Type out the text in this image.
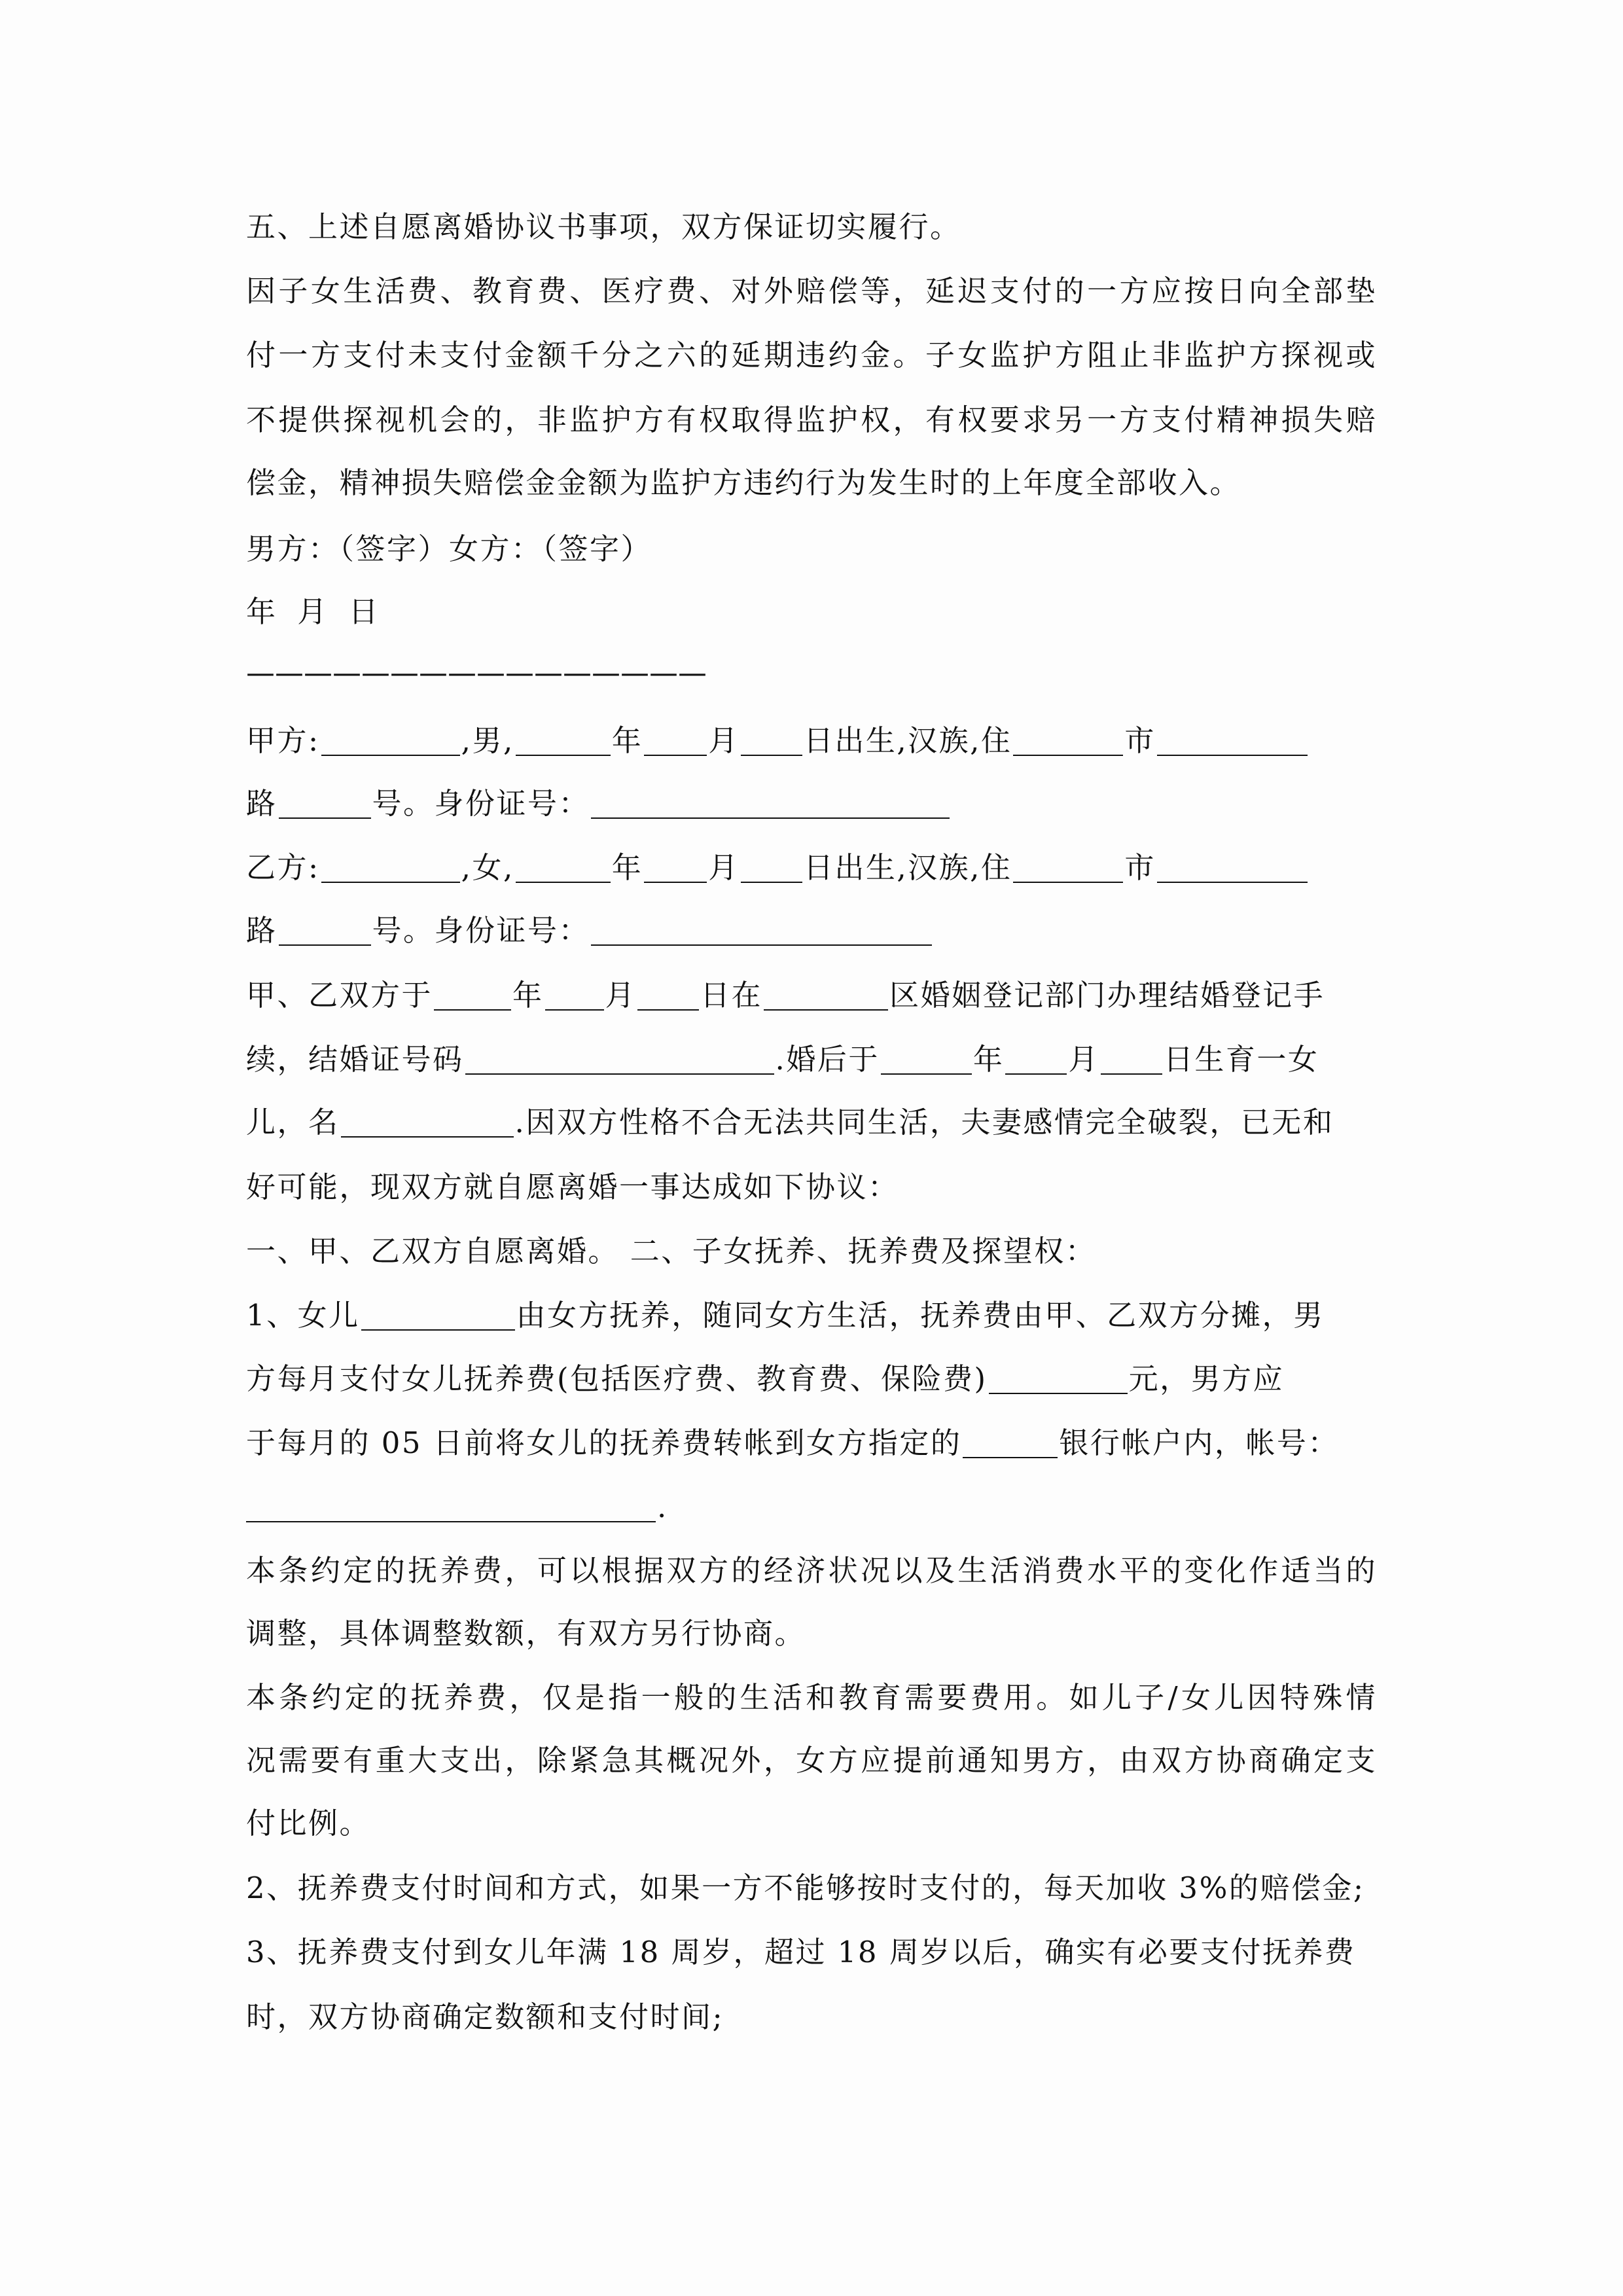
五、上述自愿离婚协议书事项，双方保证切实履行。
因子女生活费、教育费、医疗费、对外赔偿等，延迟支付的一方应按日向全部垫
付一方支付未支付金额千分之六的延期违约金。子女监护方阻止非监护方探视或
不提供探视机会的，非监护方有权取得监护权，有权要求另一方支付精神损失赔
偿金，精神损失赔偿金金额为监护方违约行为发生时的上年度全部收入。
男方：（签字）女方：（签字）
年 月 日
————————————————
甲方:	,男,	年 月 日出生,汉族,住	市
路	号。身份证号：
乙方:	,女,	年 月 日出生,汉族,住	市
路	号。身份证号：
甲、乙双方于	年 月 日在	区婚姻登记部门办理结婚登记手
续，结婚证号码	.婚后于	年 月 日生育一女
儿，名	.因双方性格不合无法共同生活，夫妻感情完全破裂，已无和
好可能，现双方就自愿离婚一事达成如下协议：
一、甲、乙双方自愿离婚。 二、子女抚养、抚养费及探望权：
1、女儿	由女方抚养，随同女方生活，抚养费由甲、乙双方分摊，男
方每月支付女儿抚养费(包括医疗费、教育费、保险费)	元，男方应
于每月的 05 日前将女儿的抚养费转帐到女方指定的	银行帐户内，帐号：
.
本条约定的抚养费，可以根据双方的经济状况以及生活消费水平的变化作适当的
调整，具体调整数额，有双方另行协商。
本条约定的抚养费，仅是指一般的生活和教育需要费用。如儿子/女儿因特殊情
况需要有重大支出，除紧急其概况外，女方应提前通知男方，由双方协商确定支
付比例。
2、抚养费支付时间和方式，如果一方不能够按时支付的，每天加收 3%的赔偿金;
3、抚养费支付到女儿年满 18 周岁，超过 18 周岁以后，确实有必要支付抚养费
时，双方协商确定数额和支付时间;
